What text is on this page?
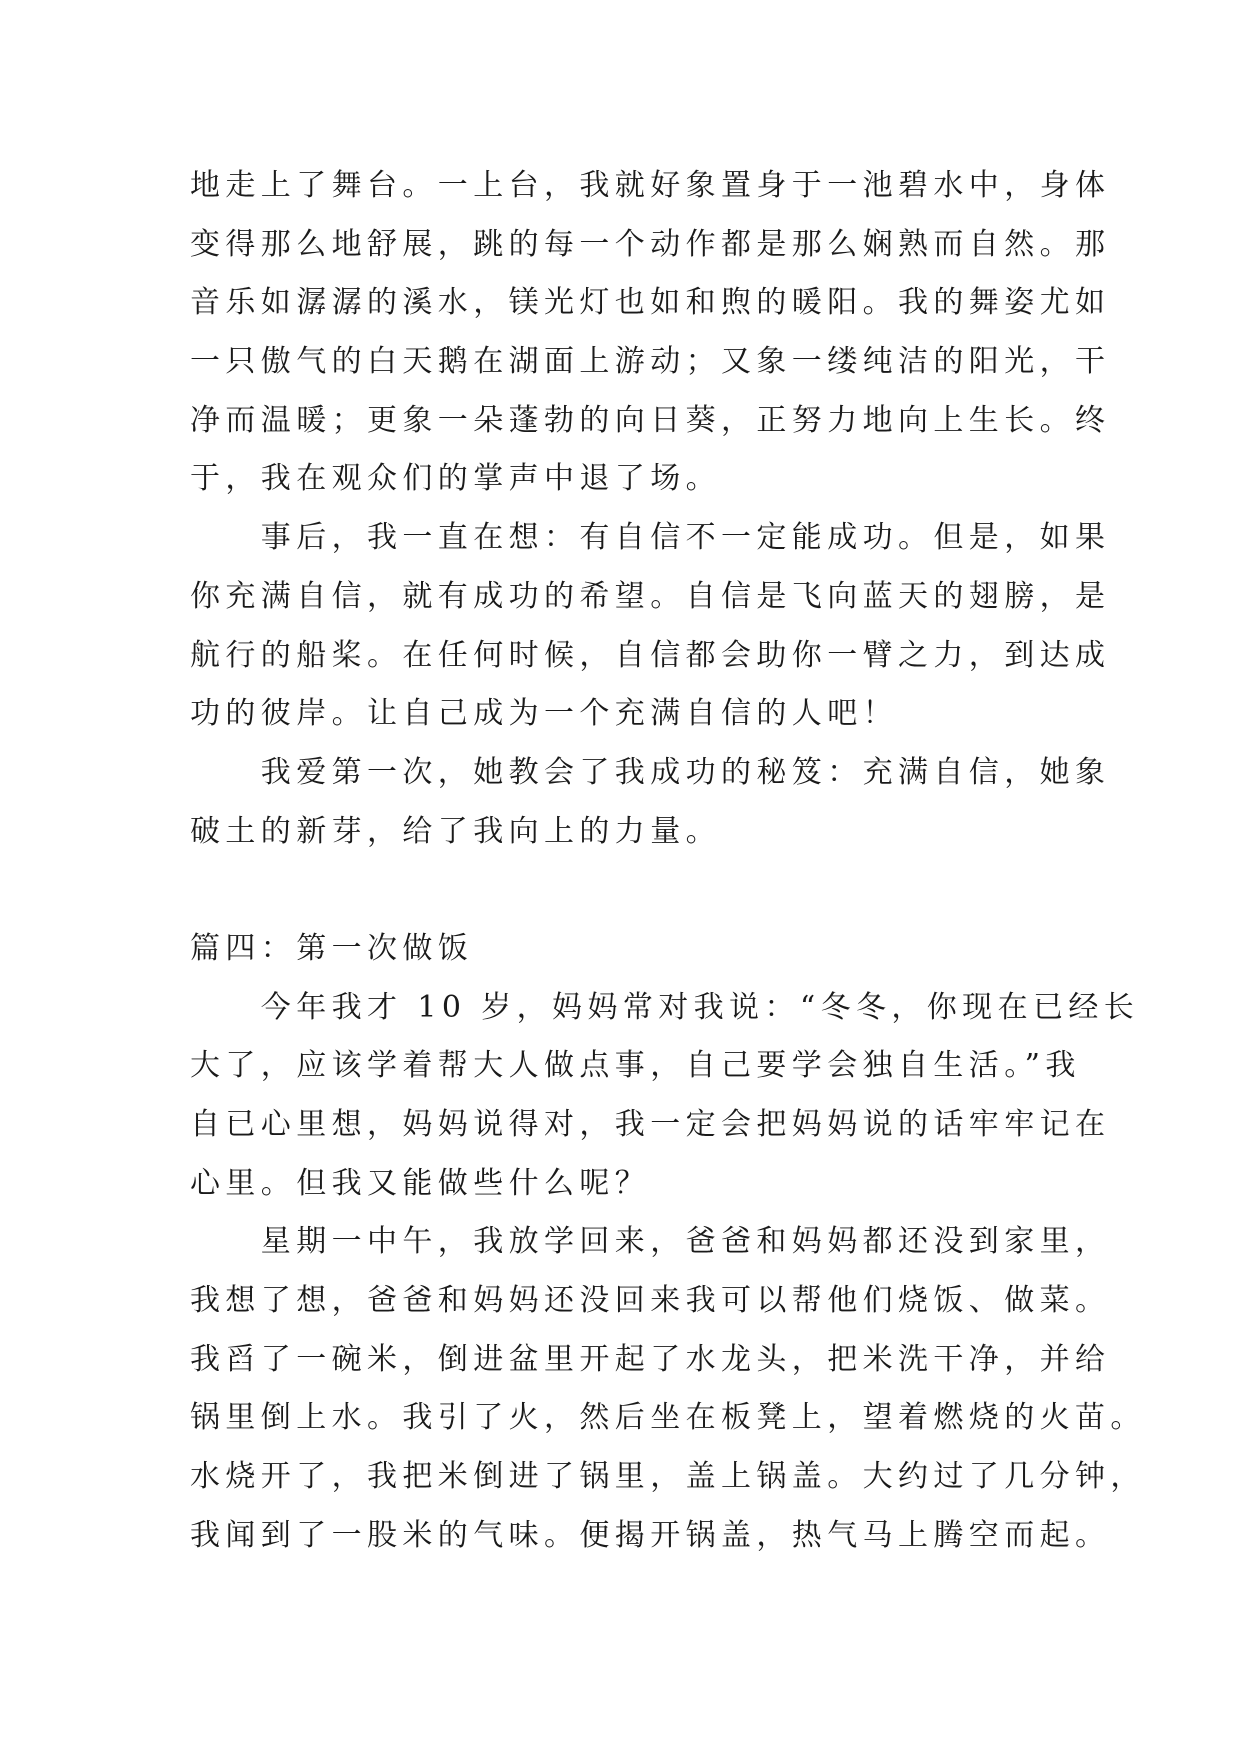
地走上了舞台。一上台，我就好象置身于一池碧水中，身体
变得那么地舒展，跳的每一个动作都是那么娴熟而自然。那
音乐如潺潺的溪水，镁光灯也如和煦的暖阳。我的舞姿尤如
一只傲气的白天鹅在湖面上游动；又象一缕纯洁的阳光，干
净而温暖；更象一朵蓬勃的向日葵，正努力地向上生长。终
于，我在观众们的掌声中退了场。
　　事后，我一直在想：有自信不一定能成功。但是，如果
你充满自信，就有成功的希望。自信是飞向蓝天的翅膀，是
航行的船桨。在任何时候，自信都会助你一臂之力，到达成
功的彼岸。让自己成为一个充满自信的人吧！
　　我爱第一次，她教会了我成功的秘笈：充满自信，她象
破土的新芽，给了我向上的力量。
篇四：第一次做饭
　　今年我才 10 岁，妈妈常对我说：“冬冬，你现在已经长
大了，应该学着帮大人做点事，自己要学会独自生活。”我
自已心里想，妈妈说得对，我一定会把妈妈说的话牢牢记在
心里。但我又能做些什么呢？
　　星期一中午，我放学回来，爸爸和妈妈都还没到家里，
我想了想，爸爸和妈妈还没回来我可以帮他们烧饭、做菜。
我舀了一碗米，倒进盆里开起了水龙头，把米洗干净，并给
锅里倒上水。我引了火，然后坐在板凳上，望着燃烧的火苗。
水烧开了，我把米倒进了锅里，盖上锅盖。大约过了几分钟，
我闻到了一股米的气味。便揭开锅盖，热气马上腾空而起。
